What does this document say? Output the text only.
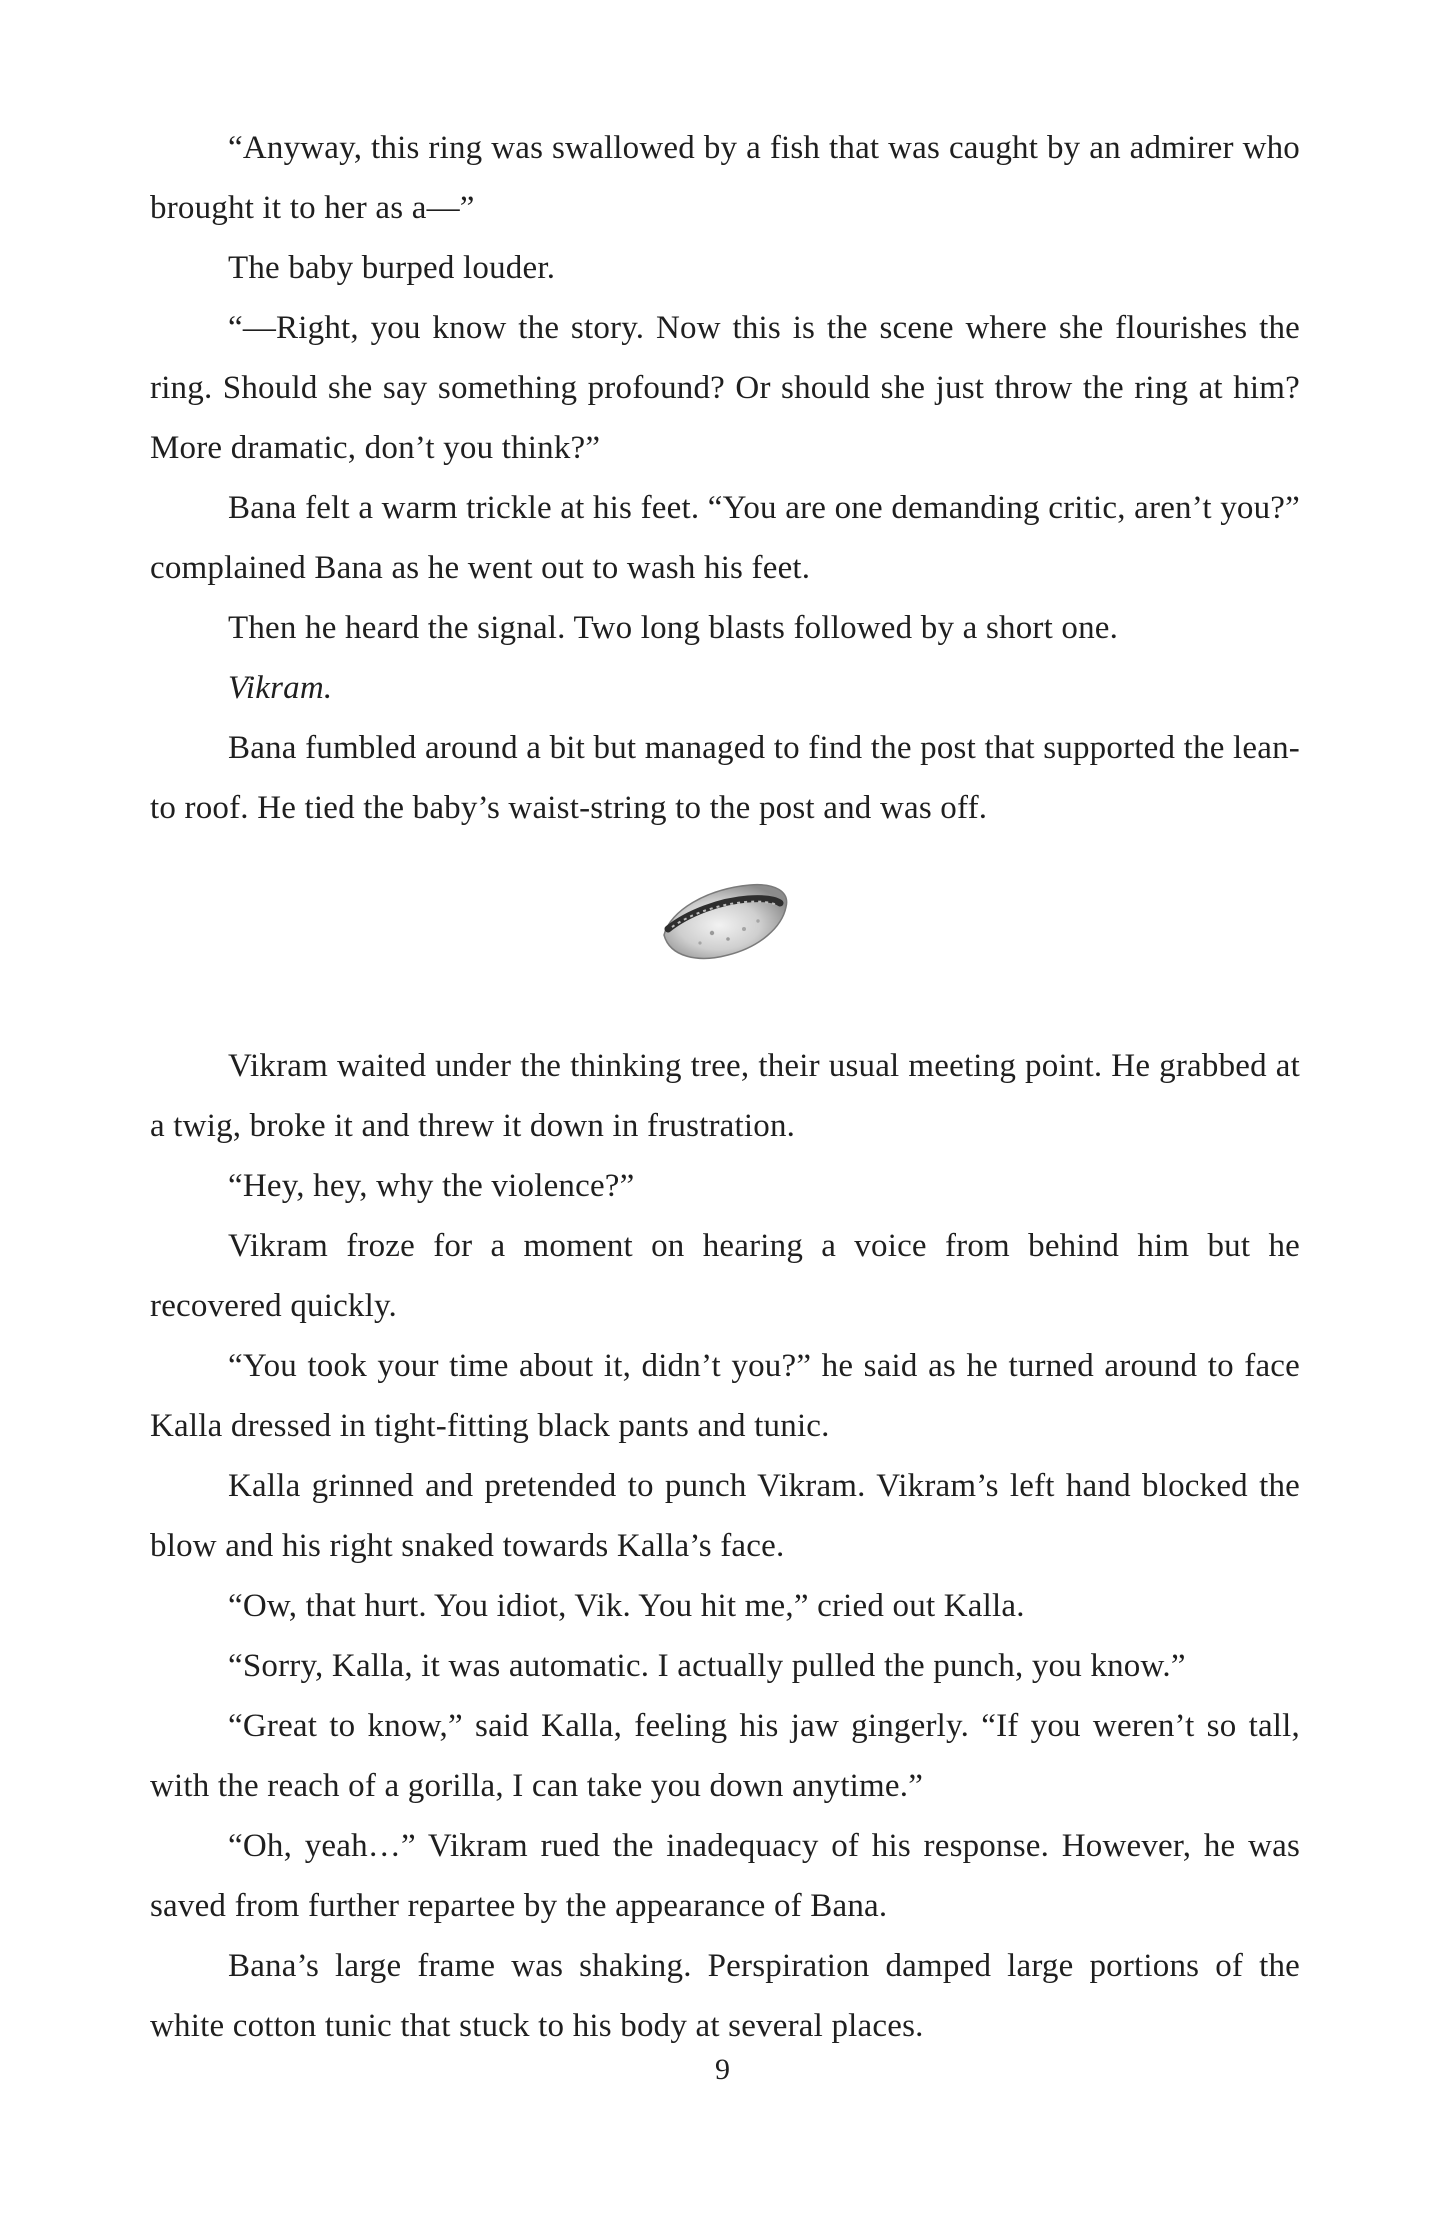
“Anyway, this ring was swallowed by a fish that was caught by an admirer who brought it to her as a—”

The baby burped louder.

“—Right, you know the story. Now this is the scene where she flourishes the ring. Should she say something profound? Or should she just throw the ring at him? More dramatic, don’t you think?”

Bana felt a warm trickle at his feet. “You are one demanding critic, aren’t you?” complained Bana as he went out to wash his feet.

Then he heard the signal. Two long blasts followed by a short one.

Vikram.

Bana fumbled around a bit but managed to find the post that supported the lean-to roof. He tied the baby’s waist-string to the post and was off.

Vikram waited under the thinking tree, their usual meeting point. He grabbed at a twig, broke it and threw it down in frustration.

“Hey, hey, why the violence?”

Vikram froze for a moment on hearing a voice from behind him but he recovered quickly.

“You took your time about it, didn’t you?” he said as he turned around to face Kalla dressed in tight-fitting black pants and tunic.

Kalla grinned and pretended to punch Vikram. Vikram’s left hand blocked the blow and his right snaked towards Kalla’s face.

“Ow, that hurt. You idiot, Vik. You hit me,” cried out Kalla.

“Sorry, Kalla, it was automatic. I actually pulled the punch, you know.”

“Great to know,” said Kalla, feeling his jaw gingerly. “If you weren’t so tall, with the reach of a gorilla, I can take you down anytime.”

“Oh, yeah…” Vikram rued the inadequacy of his response. However, he was saved from further repartee by the appearance of Bana.

Bana’s large frame was shaking. Perspiration damped large portions of the white cotton tunic that stuck to his body at several places.

9
